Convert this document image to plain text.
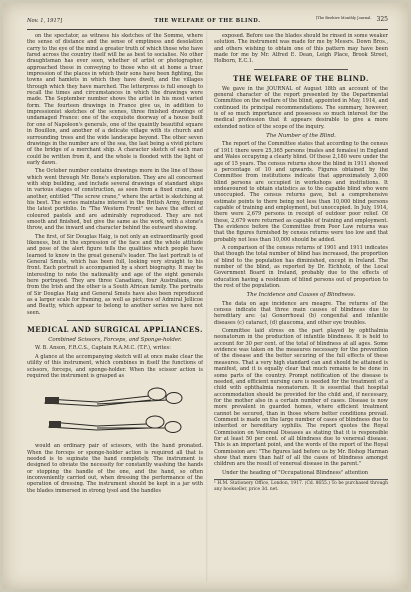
Nov. 1, 1917]	THE WELFARE OF THE BLIND.	[The Beehive Monthly Journal. 325

on the spectator, as witness his sketches of the Somme, where the sense of distance and the sense of emptiness and desolation carry to the eye of the mind a greater truth of which those who have fared across the country itself will be as best to socialise. No other draughtsman has ever seen, whether of artist or photographer, approached these in conveying to those who sit at home a truer impression of the places in which their sons have been fighting, the towns and hamlets in which they have dwelt, and the villages through which they have marched. The letterpress is full enough to recall the times and circumstances in which the drawings were made. The September number shows the artist in his most varied form. The fourteen drawings in France give us, in addition to impressionist sketches of the scenes, three finished drawings of undamaged France: one of the exquisite doorway of a house built for one of Napoleon's generals, one of the quaintly beautiful square in Bouillon, and another of a delicate village with its church and surrounding trees and the wide landscape beyond. The other seven drawings in the number are of the sea, the last being a vivid picture of the bridge of a merchant ship. A character sketch of each man could be written from it, and the whole is flooded with the light of early dawn.

The October number contains drawings more in the line of those which went through Mr. Bone's exploration. They are all concerned with ship building, and include several drawings of standard ships in various stages of construction, as seen from a fixed crane, and another, entitled "The screw crane," where the artist is sketching at his best. The series maintains interest in the British Army, forming the latest portfolio. In "The Western Front" we have the effect of coloured pastels and are admirably reproduced. They are not smooth and finished, but give the same as the work, with a stone's throw, and the inward and character behind the outward showing.

The first, of Sir Douglas Haig, is not only an extraordinarily good likeness, but in the expression of the face and the whole attitude and pose of the alert figure tells the qualities which people have learned to know in the great general's leader. The last portrait is of General Smuts, which has been full, looking very straight to his front. Each portrait is accompanied by a short biography. It may be interesting to note the nationality and age of the eight generals here portrayed. They are three Canadians, four Australians, one from the Irish and the other is a South African family. The portraits of Sir Douglas Haig and General Smuts have also been reproduced as a larger scale for framing, as well as pictures of Admiral Jellicoe and Beatty, which appear to belong to another series we have not seen.

MEDICAL AND SURGICAL APPLIANCES.
Combined Scissors, Forceps, and Sponge-holder.

W. B. Anson, F.R.C.S., Captain R.A.M.C. (T.F.), writes:

A glance at the accompanying sketch will at once make clear the utility of this instrument, which combines in itself the functions of scissors, forceps, and sponge-holder. When the scissor action is required the instrument is grasped as

would an ordinary pair of scissors, with the hand pronated. When the forceps or sponge-holder action is required all that is needed is to supinate the hand completely. The instrument is designed to obviate the necessity for constantly washing the hands or stopping the handle of the one, and the hand, so often inconveniently carried out, when dressing the performance of the operation of dressing. The instrument should be kept in a jar with the blades immersed in strong lysol and the handles

exposed. Before use the blades should be rinsed in some weaker solution. The instrument was made for me by Messrs. Down Bros., and others wishing to obtain one of this pattern may have been made for me by Mr. Alfred E. Dean, Leigh Place, Brook Street, Holborn, E.C.1.

THE WELFARE OF THE BLIND.

We gave in the JOURNAL of August 18th an account of the general character of the report presented by the Departmental Committee on the welfare of the blind, appointed in May, 1914, and continued its principal recommendations. The summary, however, is of so much importance and possesses so much interest for the medical profession that it appears desirable to give a more extended notice of the scope of the inquiry.

The Number of the Blind.

The report of the Committee states that according to the census of 1911 there were 25,365 persons (males and females) in England and Wales occupying a clearly blind. Of these 2,180 were under the age of 15 years. The census returns show the blind in 1911 showed a percentage of 10 and upwards. Figures obtained by the Committee from institutions indicate that approximately 3,000 blind persons are occupied in workshops and institutions. It endeavoured to obtain statistics as to the capable blind who were unoccupied. The census returns gave, but a comprehensive estimate points to there being not less than 10,000 blind persons capable of training and employment, but unoccupied. In July, 1914, there were 2,679 persons in receipt of outdoor poor relief. Of these, 2,679 were returned as capable of training and employment. The evidence before the Committee from Poor Law returns was that the figures furnished by census returns were too low and that probably not less than 10,000 should be added.

A comparison of the census returns of 1901 and 1911 indicates that though the total number of blind has increased, the proportion of blind to the population has diminished, except in Ireland. The number of the blind, as reported by Dr. Eichholz, of the Local Government Board in Ireland, probably due to the effects of education having a residuum of blind persons out of proportion to the rest of the population.

The Incidence and Causes of Blindness.

The data on age incidence are meagre. The returns of the census indicate that three main causes of blindness due to hereditary are: (a) Gonorrhoeal (b) congenital and infantile diseases (c) cataract, (d) glaucoma, and other eye troubles.

Committee laid stress on the part played by ophthalmia neonatorum in the production of infantile blindness. It is held to account for 30 per cent. of the total of blindness at all ages. Some evidence was taken on the measures necessary for the prevention of the disease and the better securing of the full effects of these measures. That a very high standard can and should be attained is manifest, and it is equally clear that much remains to be done in some parts of the country. Prompt notification of the disease is needed, and efficient nursing care is needed for the treatment of a child with ophthalmia neonatorum. It is essential that hospital accommodation should be provided for the child and, if necessary, for the mother also in a certain number of cases. Disease is now more prevalent in guarded homes, where efficient treatment cannot be secured, than in those where better conditions prevail. Comment is made on the large number of cases of blindness due to inherited or hereditary syphilis. The report quotes the Royal Commission on Venereal Diseases as stating that it is responsible for at least 50 per cent. of all blindness due to venereal disease. This is an important point, and the words of the report of the Royal Commission are: "The figures laid before us by Mr. Bishop Harman show that more than half of all the cases of blindness amongst children are the result of venereal disease in the parent."

Under the heading of "Occupational Blindness" attention

¹ H.M. Stationery Office, London, 1917. (Cd. 8655.) To be purchased through any bookseller, price 3d. net.
